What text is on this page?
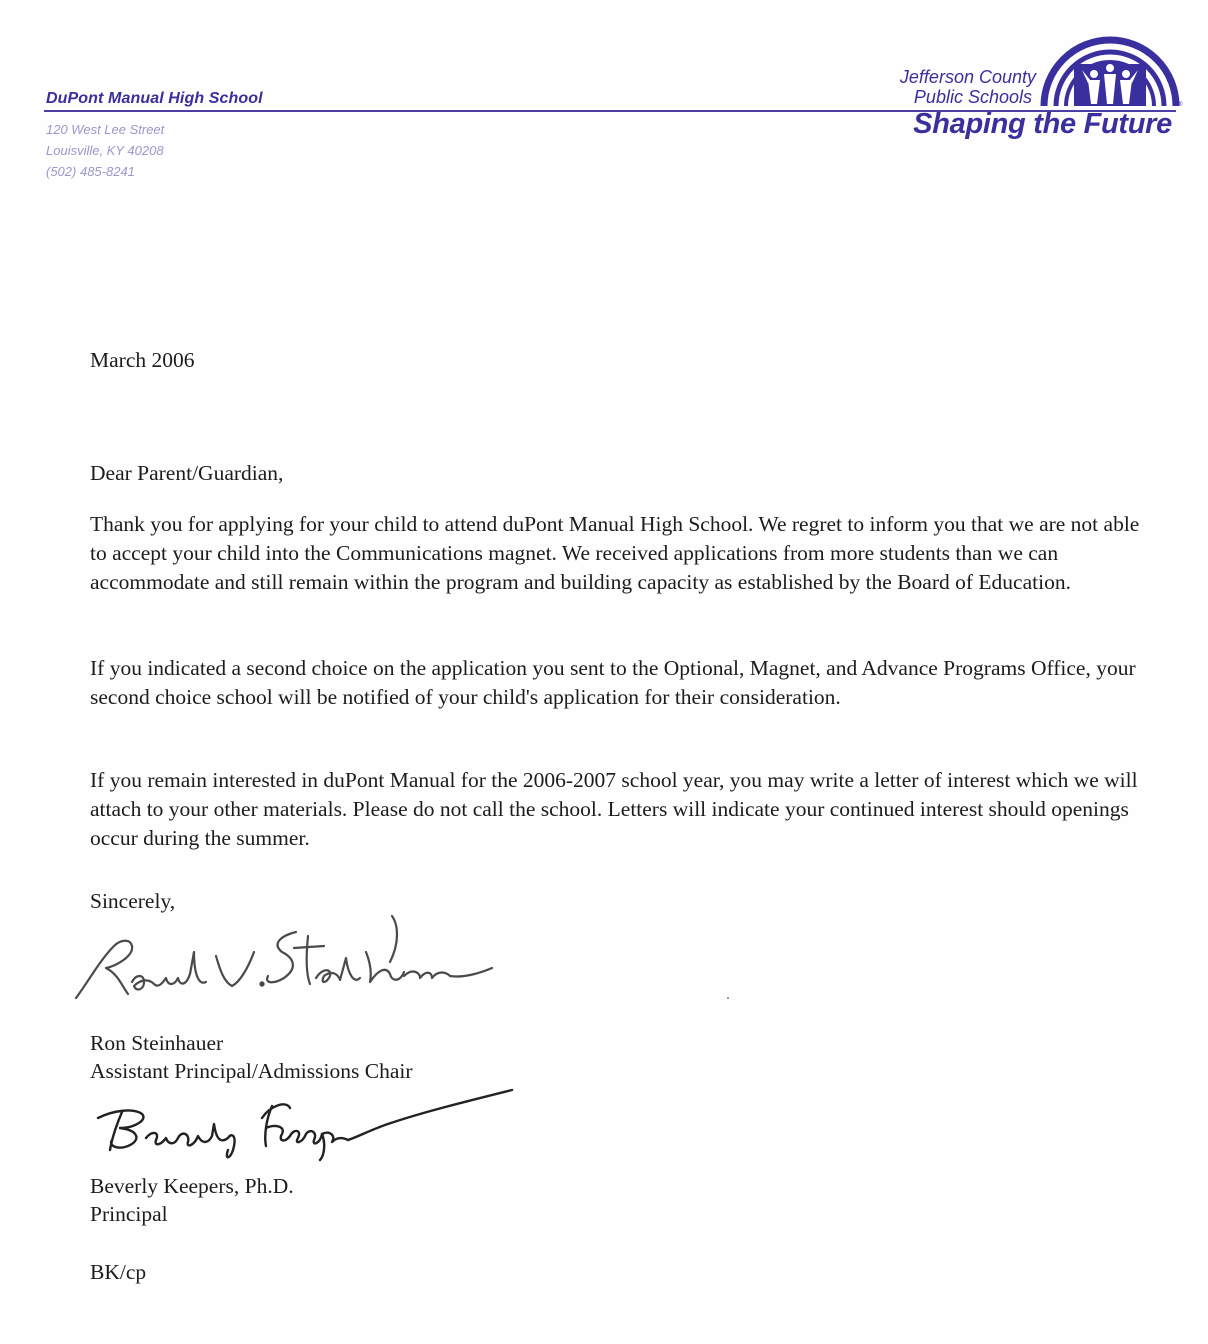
DuPont Manual High School
120 West Lee Street
Louisville, KY 40208
(502) 485-8241
Jefferson County
Public Schools
Shaping the Future
®

March 2006

Dear Parent/Guardian,

Thank you for applying for your child to attend duPont Manual High School. We regret to inform you that we are not able to accept your child into the Communications magnet. We received applications from more students than we can accommodate and still remain within the program and building capacity as established by the Board of Education.

If you indicated a second choice on the application you sent to the Optional, Magnet, and Advance Programs Office, your second choice school will be notified of your child's application for their consideration.

If you remain interested in duPont Manual for the 2006-2007 school year, you may write a letter of interest which we will attach to your other materials. Please do not call the school. Letters will indicate your continued interest should openings occur during the summer.

Sincerely,

Ron Steinhauer

Assistant Principal/Admissions Chair

Beverly Keepers, Ph.D.

Principal

BK/cp
